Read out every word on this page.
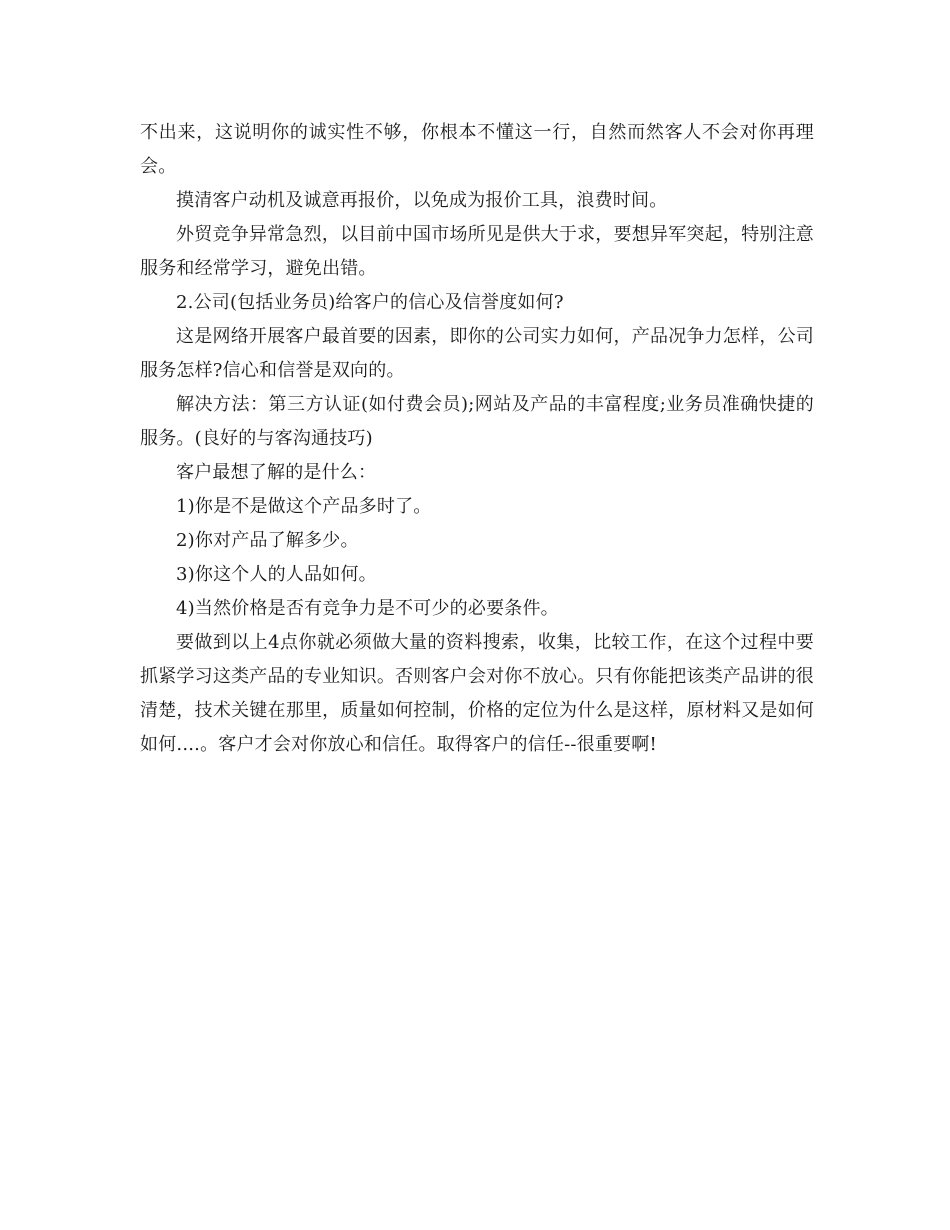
不出来，这说明你的诚实性不够，你根本不懂这一行，自然而然客人不会对你再理会。

摸清客户动机及诚意再报价，以免成为报价工具，浪费时间。

外贸竞争异常急烈，以目前中国市场所见是供大于求，要想异军突起，特别注意服务和经常学习，避免出错。

2.公司(包括业务员)给客户的信心及信誉度如何?

这是网络开展客户最首要的因素，即你的公司实力如何，产品况争力怎样，公司服务怎样?信心和信誉是双向的。

解决方法：第三方认证(如付费会员);网站及产品的丰富程度;业务员准确快捷的服务。(良好的与客沟通技巧)

客户最想了解的是什么：

1)你是不是做这个产品多时了。

2)你对产品了解多少。

3)你这个人的人品如何。

4)当然价格是否有竞争力是不可少的必要条件。

要做到以上4点你就必须做大量的资料搜索，收集，比较工作，在这个过程中要抓紧学习这类产品的专业知识。否则客户会对你不放心。只有你能把该类产品讲的很清楚，技术关键在那里，质量如何控制，价格的定位为什么是这样，原材料又是如何如何....。客户才会对你放心和信任。取得客户的信任--很重要啊!
